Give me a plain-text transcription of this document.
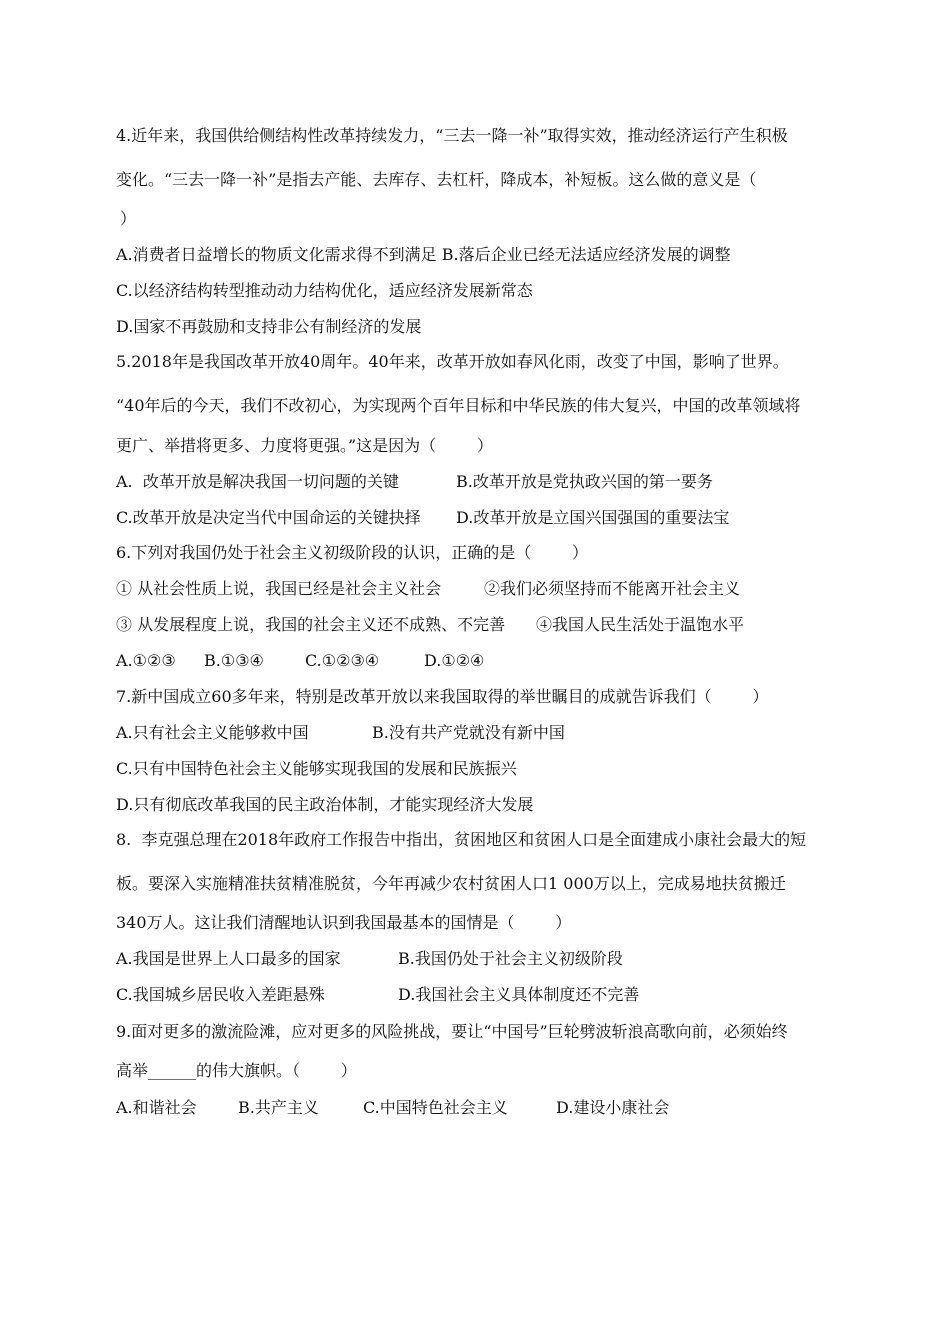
4.近年来，我国供给侧结构性改革持续发力，“三去一降一补”取得实效，推动经济运行产生积极
变化。“三去一降一补”是指去产能、去库存、去杠杆，降成本，补短板。这么做的意义是（
）
A.消费者日益增长的物质文化需求得不到满足 B.落后企业已经无法适应经济发展的调整
C.以经济结构转型推动动力结构优化，适应经济发展新常态
D.国家不再鼓励和支持非公有制经济的发展
5.2018年是我国改革开放40周年。40年来，改革开放如春风化雨，改变了中国，影响了世界。
“40年后的今天，我们不改初心，为实现两个百年目标和中华民族的伟大复兴，中国的改革领域将
更广、举措将更多、力度将更强。”这是因为（        ）
A.  改革开放是解决我国一切问题的关键	B.改革开放是党执政兴国的第一要务
C.改革开放是决定当代中国命运的关键抉择 D.改革开放是立国兴国强国的重要法宝
6.下列对我国仍处于社会主义初级阶段的认识，正确的是（        ）
① 从社会性质上说，我国已经是社会主义社会	②我们必须坚持而不能离开社会主义
③ 从发展程度上说，我国的社会主义还不成熟、不完善 ④我国人民生活处于温饱水平
A.①②③ B.①③④	C.①②③④	D.①②④
7.新中国成立60多年来，特别是改革开放以来我国取得的举世瞩目的成就告诉我们（        ）
A.只有社会主义能够救中国	B.没有共产党就没有新中国
C.只有中国特色社会主义能够实现我国的发展和民族振兴
D.只有彻底改革我国的民主政治体制，才能实现经济大发展
8.  李克强总理在2018年政府工作报告中指出，贫困地区和贫困人口是全面建成小康社会最大的短
板。要深入实施精准扶贫精准脱贫，今年再减少农村贫困人口1 000万以上，完成易地扶贫搬迁
340万人。这让我们清醒地认识到我国最基本的国情是（        ）
A.我国是世界上人口最多的国家	B.我国仍处于社会主义初级阶段
C.我国城乡居民收入差距悬殊	D.我国社会主义具体制度还不完善
9.面对更多的激流险滩，应对更多的风险挑战，要让“中国号”巨轮劈波斩浪高歌向前，必须始终
高举______的伟大旗帜。（        ）
A.和谐社会	B.共产主义	C.中国特色社会主义	D.建设小康社会
